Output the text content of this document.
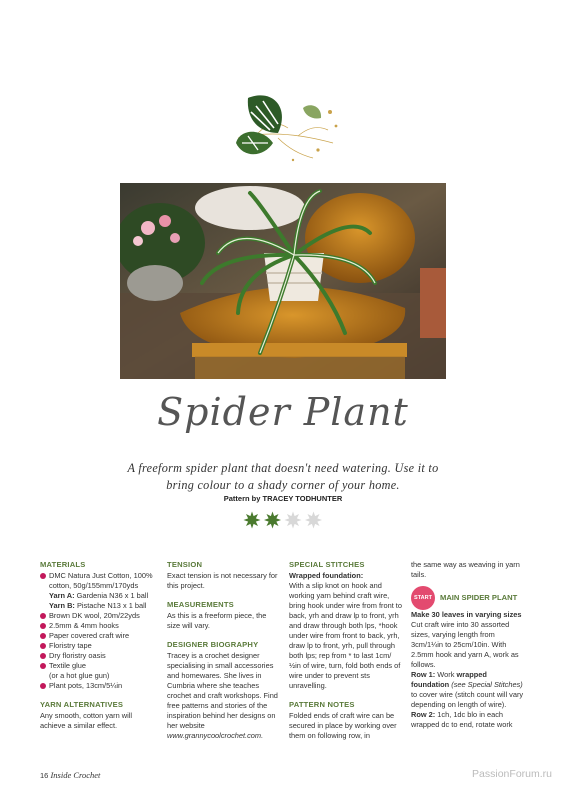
Spider Plant
A freeform spider plant that doesn't need watering. Use it to bring colour to a shady corner of your home.
Pattern by TRACEY TODHUNTER
MATERIALS
DMC Natura Just Cotton, 100% cotton, 50g/155mm/170yds
Yarn A: Gardenia N36 x 1 ball
Yarn B: Pistache N13 x 1 ball
Brown DK wool, 20m/22yds
2.5mm & 4mm hooks
Paper covered craft wire
Floristry tape
Dry floristry oasis
Textile glue
(or a hot glue gun)
Plant pots, 13cm/5¼in
YARN ALTERNATIVES
Any smooth, cotton yarn will achieve a similar effect.
TENSION
Exact tension is not necessary for this project.
MEASUREMENTS
As this is a freeform piece, the size will vary.
DESIGNER BIOGRAPHY
Tracey is a crochet designer specialising in small accessories and homewares. She lives in Cumbria where she teaches crochet and craft workshops. Find free patterns and stories of the inspiration behind her designs on her website www.grannycoolcrochet.com.
SPECIAL STITCHES
Wrapped foundation:
With a slip knot on hook and working yarn behind craft wire, bring hook under wire from front to back, yrh and draw lp to front, yrh and draw through both lps, *hook under wire from front to back, yrh, draw lp to front, yrh, pull through both lps; rep from * to last 1cm/½in of wire, turn, fold both ends of wire under to prevent sts unravelling.
PATTERN NOTES
Folded ends of craft wire can be secured in place by working over them on following row, in
the same way as weaving in yarn tails.
START	MAIN SPIDER PLANT
Make 30 leaves in varying sizes
Cut craft wire into 30 assorted sizes, varying length from 3cm/1¼in to 25cm/10in. With 2.5mm hook and yarn A, work as follows.
Row 1: Work wrapped foundation (see Special Stitches) to cover wire (stitch count will vary depending on length of wire).
Row 2: 1ch, 1dc blo in each wrapped dc to end, rotate work
16 Inside Crochet	PassionForum.ru
